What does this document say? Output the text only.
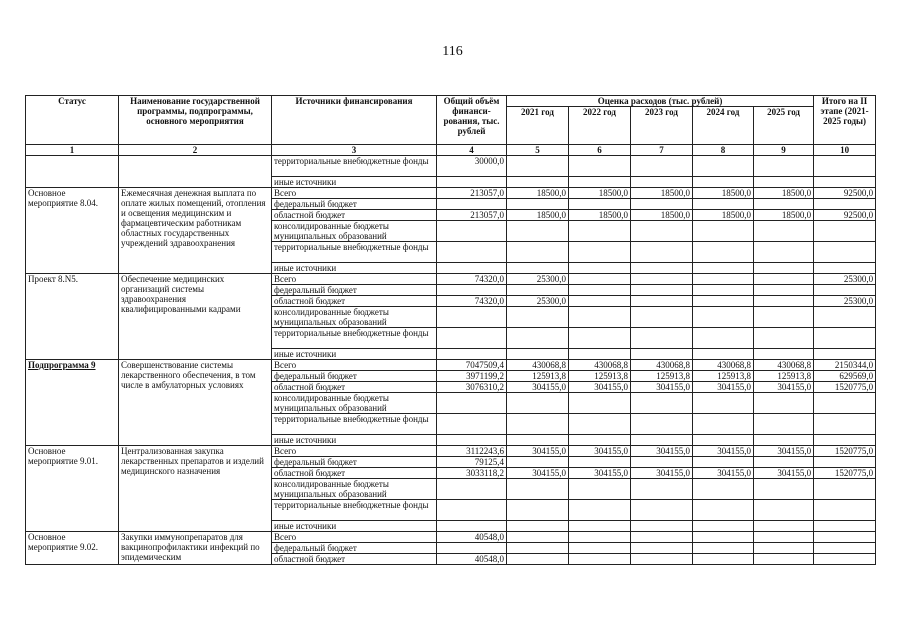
116
Статус	Наименование государственной программы, подпрограммы, основного мероприятия	Источники финансирования	Общий объём финанси-рования, тыс. рублей	Оценка расходов (тыс. рублей)					Итого на II этапе (2021-2025 годы)
				2021 год	2022 год	2023 год	2024 год	2025 год	
1	2	3	4	5	6	7	8	9	10
		территориальные внебюджетные фонды	30000,0						
		иные источники							
Основное мероприятие 8.04.	Ежемесячная денежная выплата по оплате жилых помещений, отопления и освещения медицинским и фармацевтическим работникам областных государственных учреждений здравоохранения	Всего	213057,0	18500,0	18500,0	18500,0	18500,0	18500,0	92500,0
		федеральный бюджет							
		областной бюджет	213057,0	18500,0	18500,0	18500,0	18500,0	18500,0	92500,0
		консолидированные бюджеты муниципальных образований							
		территориальные внебюджетные фонды							
		иные источники							
Проект 8.N5.	Обеспечение медицинских организаций системы здравоохранения квалифицированными кадрами	Всего	74320,0	25300,0					25300,0
		федеральный бюджет							
		областной бюджет	74320,0	25300,0					25300,0
		консолидированные бюджеты муниципальных образований							
		территориальные внебюджетные фонды							
		иные источники							
Подпрограмма 9	Совершенствование системы лекарственного обеспечения, в том числе в амбулаторных условиях	Всего	7047509,4	430068,8	430068,8	430068,8	430068,8	430068,8	2150344,0
		федеральный бюджет	3971199,2	125913,8	125913,8	125913,8	125913,8	125913,8	629569,0
		областной бюджет	3076310,2	304155,0	304155,0	304155,0	304155,0	304155,0	1520775,0
		консолидированные бюджеты муниципальных образований							
		территориальные внебюджетные фонды							
		иные источники							
Основное мероприятие 9.01.	Централизованная закупка лекарственных препаратов и изделий медицинского назначения	Всего	3112243,6	304155,0	304155,0	304155,0	304155,0	304155,0	1520775,0
		федеральный бюджет	79125,4						
		областной бюджет	3033118,2	304155,0	304155,0	304155,0	304155,0	304155,0	1520775,0
		консолидированные бюджеты муниципальных образований							
		территориальные внебюджетные фонды							
		иные источники							
Основное мероприятие 9.02.	Закупки иммунопрепаратов для вакцинопрофилактики инфекций по эпидемическим	Всего	40548,0						
		федеральный бюджет							
		областной бюджет	40548,0						
